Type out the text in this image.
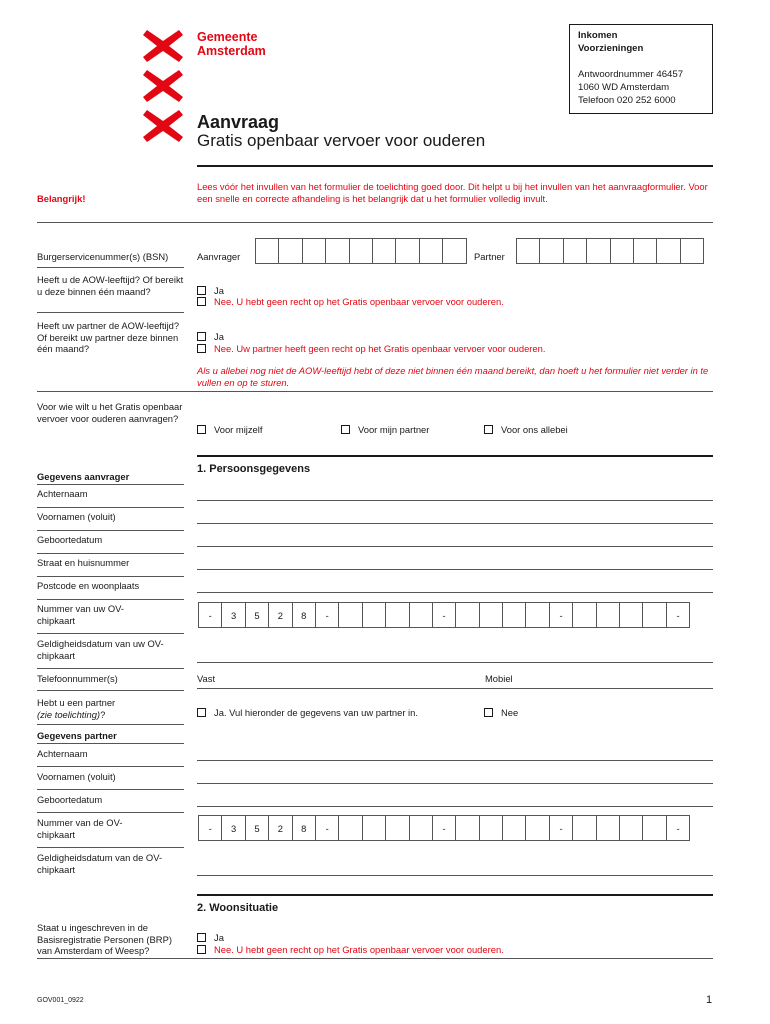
Gemeente
Amsterdam
Inkomen
Voorzieningen
Antwoordnummer 46457
1060 WD Amsterdam
Telefoon 020 252 6000
Aanvraag
Gratis openbaar vervoer voor ouderen
Belangrijk!
Lees vóór het invullen van het formulier de toelichting goed door. Dit helpt u bij het invullen van het aanvraagformulier. Voor een snelle en correcte afhandeling is het belangrijk dat u het formulier volledig invult.
Burgerservicenummer(s) (BSN)	Aanvrager	Partner
Heeft u de AOW-leeftijd? Of bereikt u deze binnen één maand?	Ja
Nee. U hebt geen recht op het Gratis openbaar vervoer voor ouderen.
Heeft uw partner de AOW-leeftijd? Of bereikt uw partner deze binnen één maand?
Ja
Nee. Uw partner heeft geen recht op het Gratis openbaar vervoer voor ouderen.
Als u allebei nog niet de AOW-leeftijd hebt of deze niet binnen één maand bereikt, dan hoeft u het formulier niet verder in te vullen en op te sturen.
Voor wie wilt u het Gratis openbaar vervoer voor ouderen aanvragen?
Voor mijzelf	Voor mijn partner	Voor ons allebei
1. Persoonsgegevens
Gegevens aanvrager
Achternaam
Voornamen (voluit)
Geboortedatum
Straat en huisnummer
Postcode en woonplaats
Nummer van uw OV-chipkaart	-	3	5	2	8	-	-	-	-
Geldigheidsdatum van uw OV-chipkaart
Telefoonnummer(s)	Vast	Mobiel
Hebt u een partner
(zie toelichting)?	Ja. Vul hieronder de gegevens van uw partner in.	Nee
Gegevens partner
Achternaam
Voornamen (voluit)
Geboortedatum
Nummer van de OV-chipkaart
-	3	5	2	8	-	-	-	-
Geldigheidsdatum van de OV-chipkaart
2. Woonsituatie
Staat u ingeschreven in de Basisregistratie Personen (BRP) van Amsterdam of Weesp?
Ja
Nee. U hebt geen recht op het Gratis openbaar vervoer voor ouderen.
GOV001_0922	1
